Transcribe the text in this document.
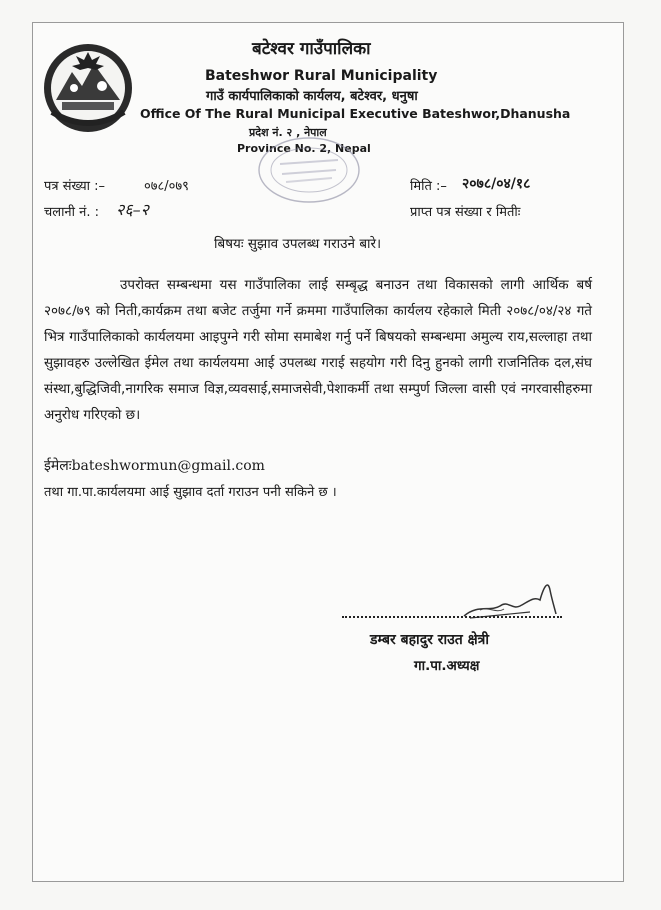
बटेश्वर गाउँपालिका
Bateshwor Rural Municipality
गाउँ कार्यपालिकाको कार्यलय, बटेश्वर, धनुषा
Office Of The Rural Municipal Executive Bateshwor,Dhanusha
प्रदेश नं. २ , नेपाल
Province No. 2, Nepal
पत्र संख्या :–	०७८/०७९
चलानी नं. : २६–२
मिति :– २०७८/०४/१८
प्राप्त पत्र संख्या र मितीः
बिषयः सुझाव उपलब्ध गराउने बारे।

उपरोक्त सम्बन्धमा यस गाउँपालिका लाई सम्बृद्ध बनाउन तथा विकासको लागी आर्थिक बर्ष २०७८/७९ को निती,कार्यक्रम तथा बजेट तर्जुमा गर्ने क्रममा गाउँपालिका कार्यलय रहेकाले मिती २०७८/०४/२४ गते भित्र गाउँपालिकाको कार्यलयमा आइपुग्ने गरी सोमा समाबेश गर्नु पर्ने बिषयको सम्बन्धमा अमुल्य राय,सल्लाहा तथा सुझावहरु उल्लेखित ईमेल तथा कार्यलयमा आई उपलब्ध गराई सहयोग गरी दिनु हुनको लागी राजनितिक दल,संघ संस्था,बुद्धिजिवी,नागरिक समाज विज्ञ,व्यवसाई,समाजसेवी,पेशाकर्मी तथा सम्पुर्ण जिल्ला वासी एवं नगरवासीहरुमा अनुरोध गरिएको छ।

ईमेलःbateshwormun@gmail.com
तथा गा.पा.कार्यलयमा आई सुझाव दर्ता गराउन पनी सकिने छ ।
डम्बर बहादुर राउत क्षेत्री
गा.पा.अध्यक्ष
